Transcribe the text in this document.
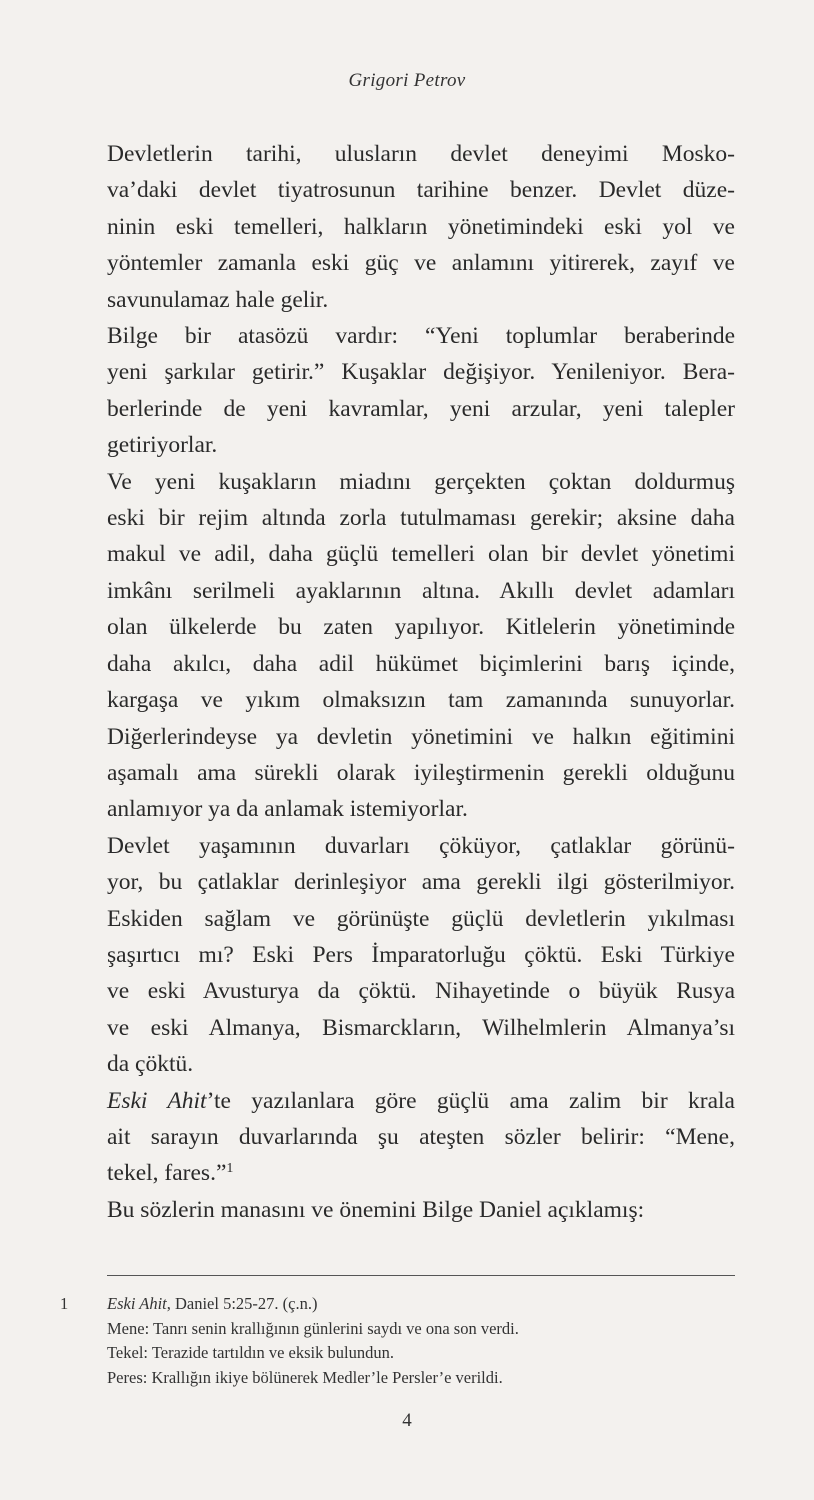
Grigori Petrov

Devletlerin tarihi, ulusların devlet deneyimi Mosko-
va’daki devlet tiyatrosunun tarihine benzer. Devlet düze-
ninin eski temelleri, halkların yönetimindeki eski yol ve
yöntemler zamanla eski güç ve anlamını yitirerek, zayıf ve
savunulamaz hale gelir.

Bilge bir atasözü vardır: “Yeni toplumlar beraberinde
yeni şarkılar getirir.” Kuşaklar değişiyor. Yenileniyor. Bera-
berlerinde de yeni kavramlar, yeni arzular, yeni talepler
getiriyorlar.

Ve yeni kuşakların miadını gerçekten çoktan doldurmuş
eski bir rejim altında zorla tutulmaması gerekir; aksine daha
makul ve adil, daha güçlü temelleri olan bir devlet yönetimi
imkânı serilmeli ayaklarının altına. Akıllı devlet adamları
olan ülkelerde bu zaten yapılıyor. Kitlelerin yönetiminde
daha akılcı, daha adil hükümet biçimlerini barış içinde,
kargaşa ve yıkım olmaksızın tam zamanında sunuyorlar.
Diğerlerindeyse ya devletin yönetimini ve halkın eğitimini
aşamalı ama sürekli olarak iyileştirmenin gerekli olduğunu
anlamıyor ya da anlamak istemiyorlar.

Devlet yaşamının duvarları çöküyor, çatlaklar görünü-
yor, bu çatlaklar derinleşiyor ama gerekli ilgi gösterilmiyor.
Eskiden sağlam ve görünüşte güçlü devletlerin yıkılması
şaşırtıcı mı? Eski Pers İmparatorluğu çöktü. Eski Türkiye
ve eski Avusturya da çöktü. Nihayetinde o büyük Rusya
ve eski Almanya, Bismarckların, Wilhelmlerin Almanya’sı
da çöktü.

Eski Ahit’te yazılanlara göre güçlü ama zalim bir krala
ait sarayın duvarlarında şu ateşten sözler belirir: “Mene,
tekel, fares.”$^1$

Bu sözlerin manasını ve önemini Bilge Daniel açıklamış:

1	Eski Ahit, Daniel 5:25-27. (ç.n.)
Mene: Tanrı senin krallığının günlerini saydı ve ona son verdi.
Tekel: Terazide tartıldın ve eksik bulundun.
Peres: Krallığın ikiye bölünerek Medler’le Persler’e verildi.
4
